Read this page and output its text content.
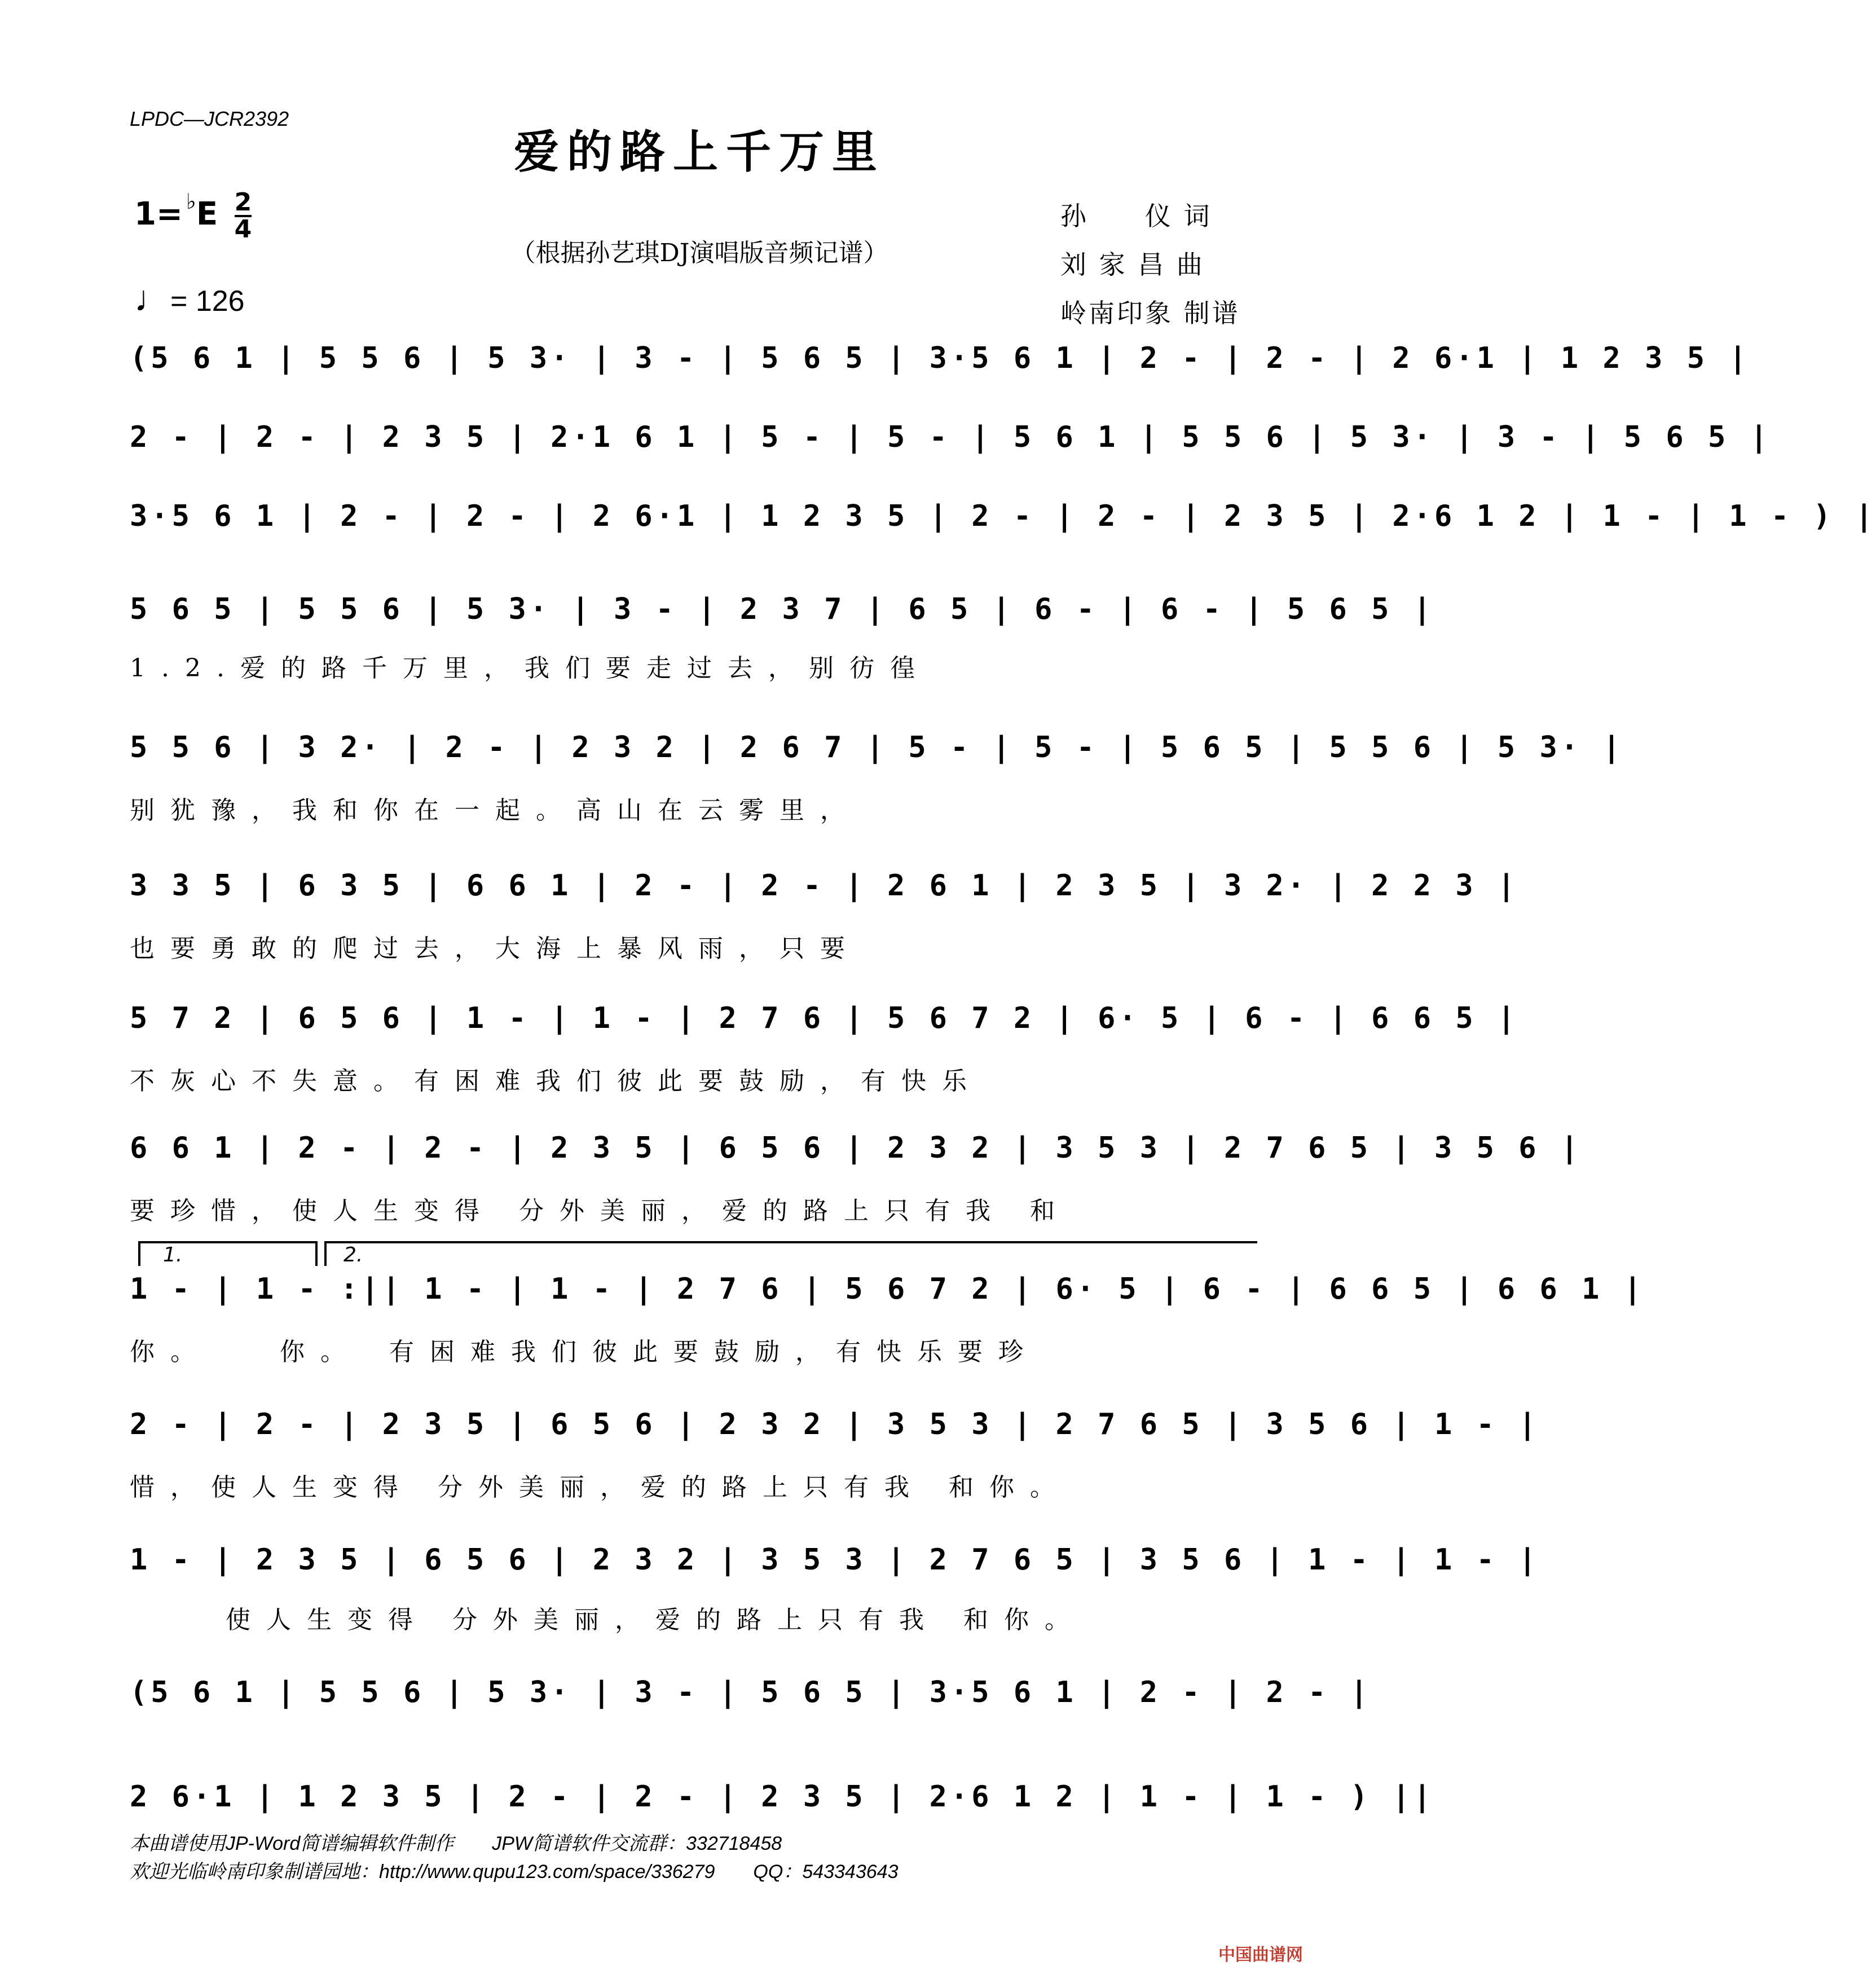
LPDC—JCR2392
爱的路上千万里
$1= ^♭E \frac{2}{4}$
（根据孙艺琪DJ演唱版音频记谱）
♩= 126
孙　　仪 词
刘 家 昌 曲
岭南印象 制谱
(5 6 1 | 5 5 6 | 5 3· | 3 - | 5 6 5 | 3·5 6 1 | 2 - | 2 - | 2 6·1 | 1 2 3 5 |
2 - | 2 - | 2 3 5 | 2·1 6 1 | 5 - | 5 - | 5 6 1 | 5 5 6 | 5 3· | 3 - | 5 6 5 |
3·5 6 1 | 2 - | 2 - | 2 6·1 | 1 2 3 5 | 2 - | 2 - | 2 3 5 | 2·6 1 2 | 1 - | 1 - ) |
5 6 5 | 5 5 6 | 5 3· | 3 - | 2 3 7 | 6 5 | 6 - | 6 - | 5 6 5 |
1.2.爱的路千万里，我们要走过去，别彷徨
5 5 6 | 3 2· | 2 - | 2 3 2 | 2 6 7 | 5 - | 5 - | 5 6 5 | 5 5 6 | 5 3· |
别犹豫，我和你在一起。高山在云雾里，
3 3 5 | 6 3 5 | 6 6 1 | 2 - | 2 - | 2 6 1 | 2 3 5 | 3 2· | 2 2 3 |
也要勇敢的爬过去，大海上暴风雨，只要
5 7 2 | 6 5 6 | 1 - | 1 - | 2 7 6 | 5 6 7 2 | 6· 5 | 6 - | 6 6 5 |
不灰心不失意。有困难我们彼此要鼓励，有快乐
6 6 1 | 2 - | 2 - | 2 3 5 | 6 5 6 | 2 3 2 | 3 5 3 | 2 7 6 5 | 3 5 6 |
要珍惜，使人生变得 分外美丽，爱的路上只有我 和
1.	2.
1 - | 1 - :|| 1 - | 1 - | 2 7 6 | 5 6 7 2 | 6· 5 | 6 - | 6 6 5 | 6 6 1 |
你。　　你。　有困难我们彼此要鼓励，有快乐要珍
2 - | 2 - | 2 3 5 | 6 5 6 | 2 3 2 | 3 5 3 | 2 7 6 5 | 3 5 6 | 1 - |
惜，使人生变得 分外美丽，爱的路上只有我 和你。
1 - | 2 3 5 | 6 5 6 | 2 3 2 | 3 5 3 | 2 7 6 5 | 3 5 6 | 1 - | 1 - |
使人生变得 分外美丽，爱的路上只有我 和你。
(5 6 1 | 5 5 6 | 5 3· | 3 - | 5 6 5 | 3·5 6 1 | 2 - | 2 - |
2 6·1 | 1 2 3 5 | 2 - | 2 - | 2 3 5 | 2·6 1 2 | 1 - | 1 - ) ||
本曲谱使用JP-Word简谱编辑软件制作　　JPW简谱软件交流群：332718458
欢迎光临岭南印象制谱园地：http://www.qupu123.com/space/336279　　QQ：543343643
中国曲谱网
